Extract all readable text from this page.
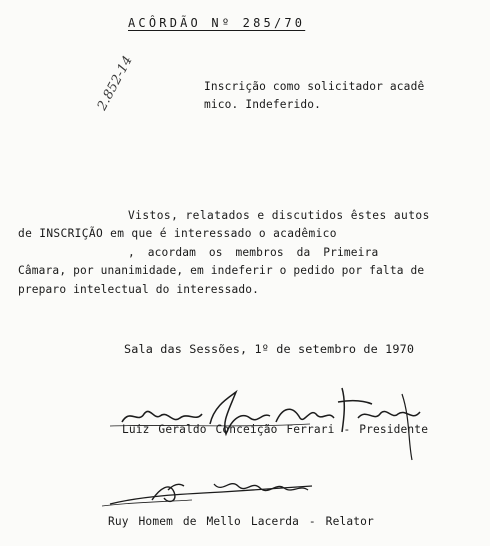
ACÔRDÃO Nº 285/70
Inscrição como solicitador acadê
mico. Indeferido.
2.852-14
Vistos, relatados e discutidos êstes autos
de INSCRIÇÃO em que é interessado o acadêmico
, acordam os membros da Primeira
Câmara, por unanimidade, em indeferir o pedido por falta de
preparo intelectual do interessado.
Sala das Sessões, 1º de setembro de 1970
Luiz Geraldo Conceição Ferrari - Presidente
Ruy Homem de Mello Lacerda - Relator
